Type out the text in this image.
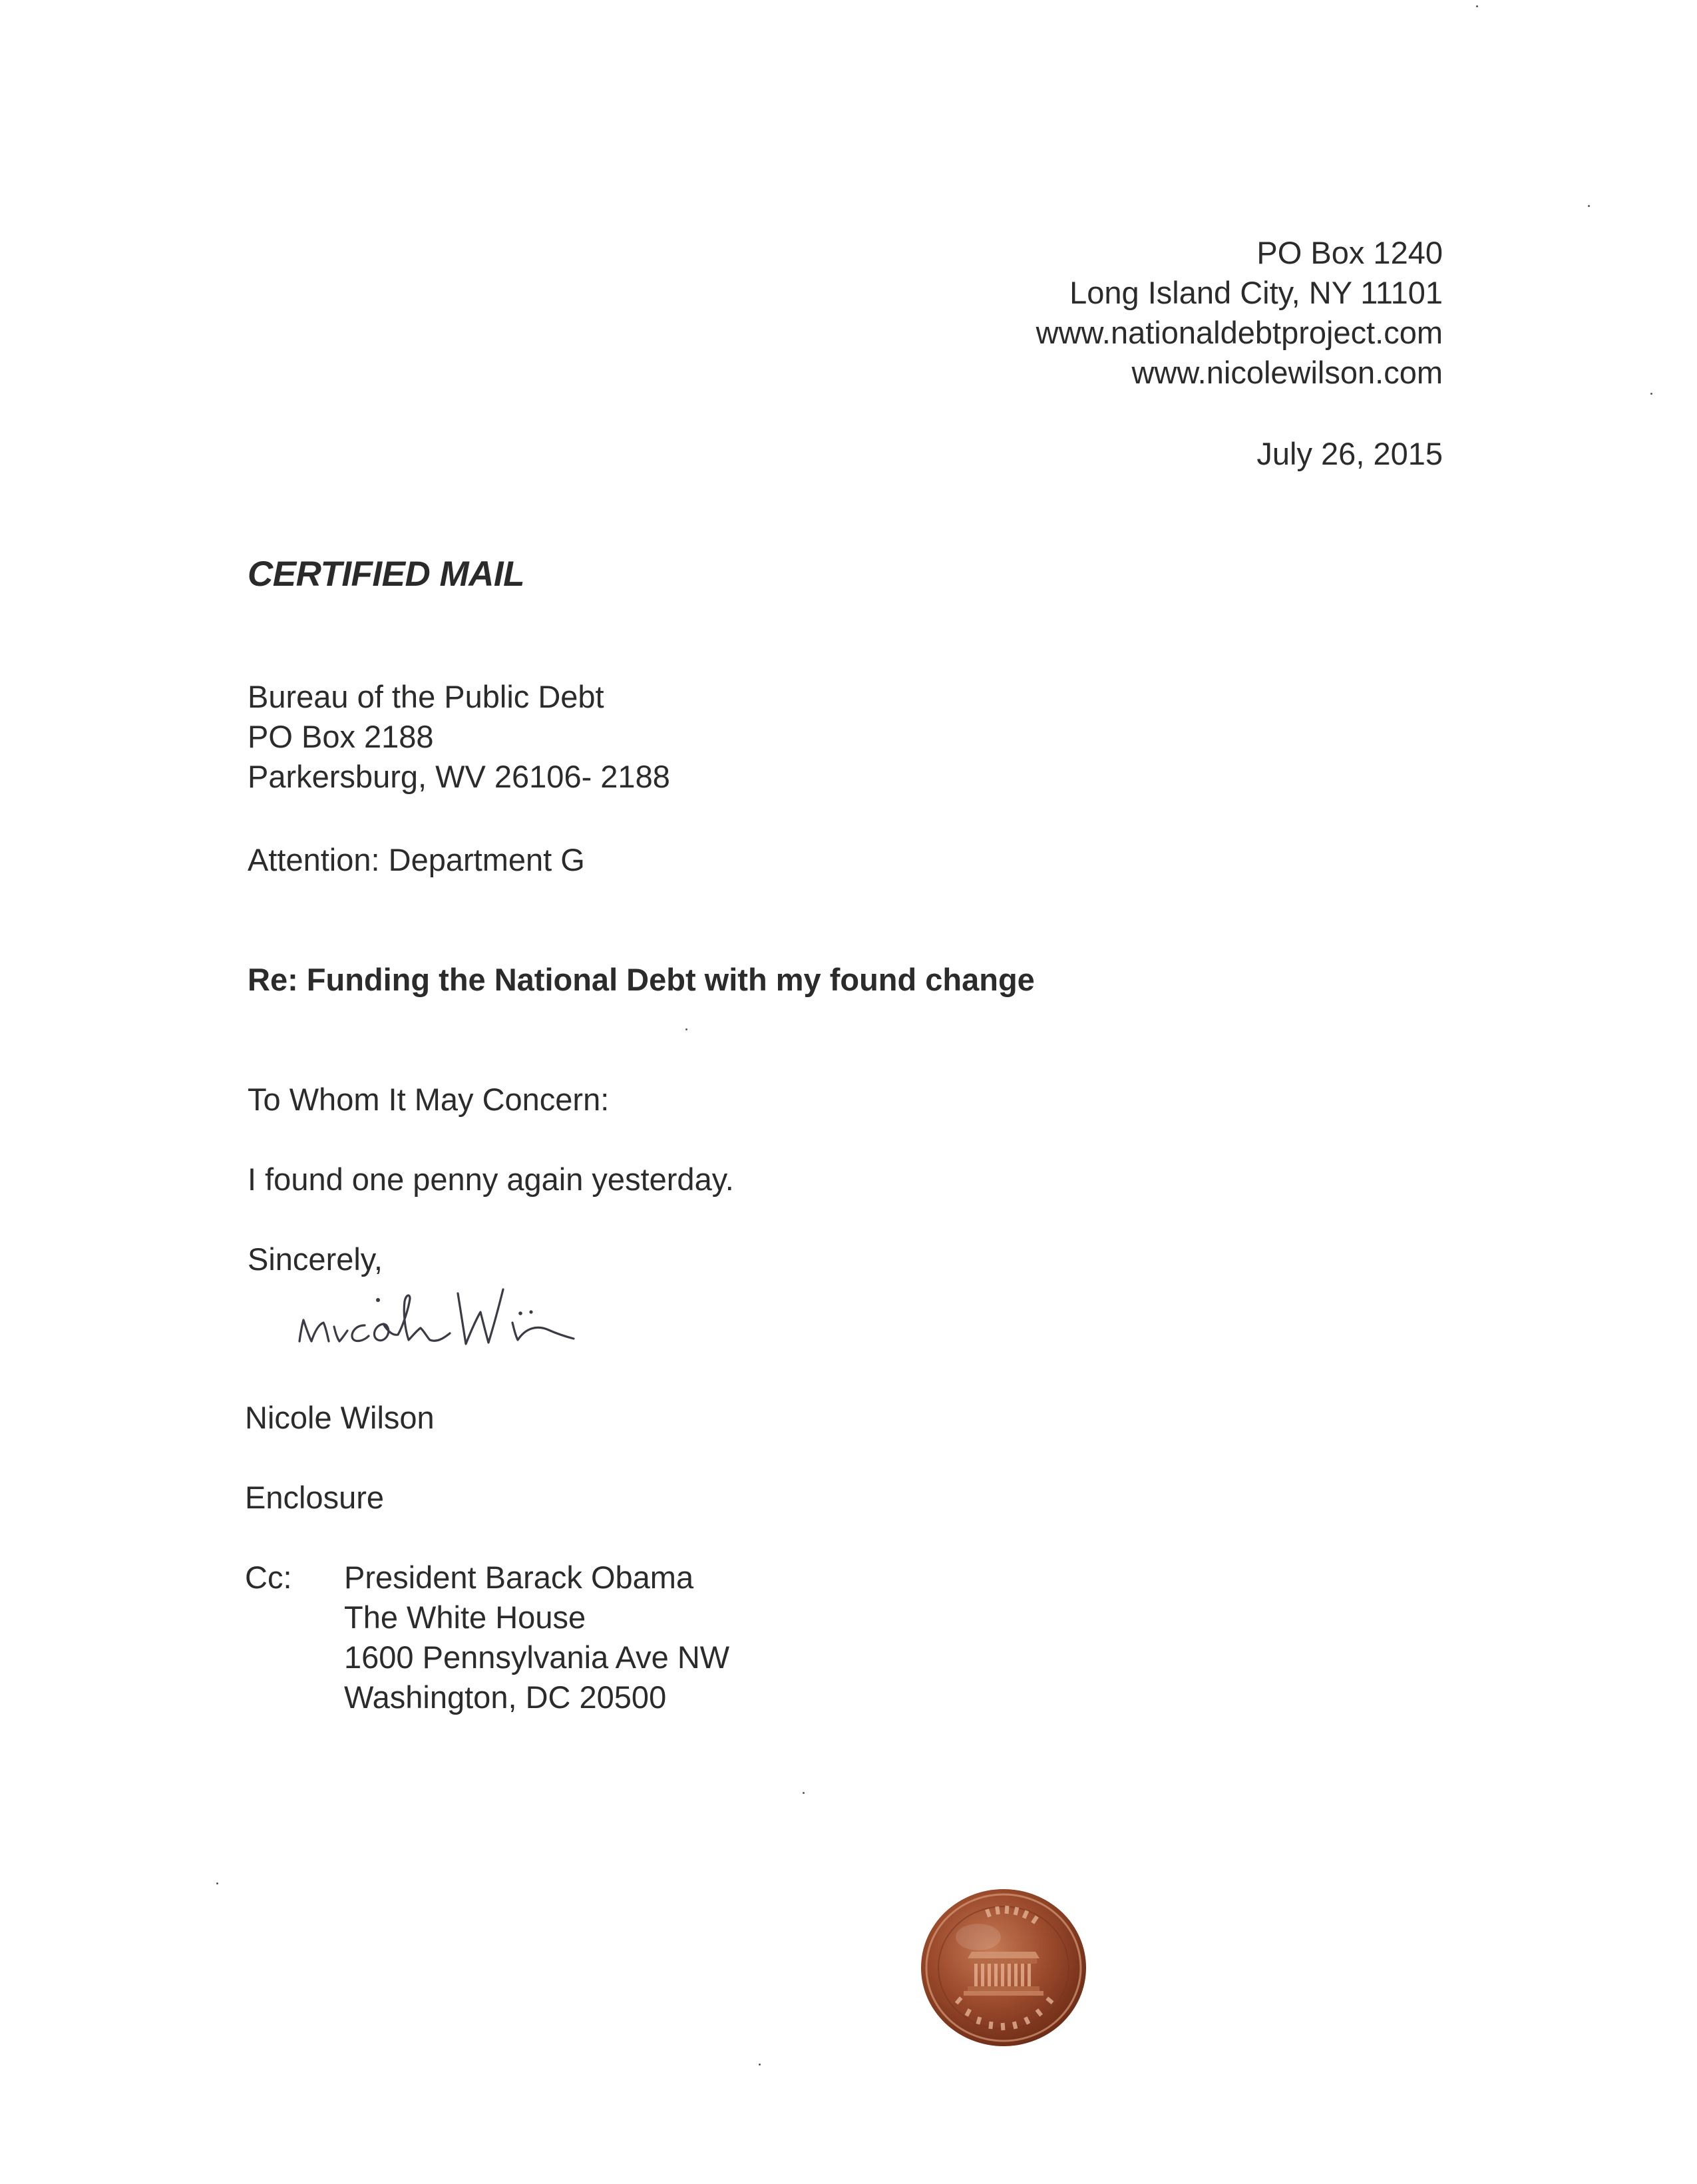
PO Box 1240
Long Island City, NY 11101
www.nationaldebtproject.com
www.nicolewilson.com
July 26, 2015
CERTIFIED MAIL
Bureau of the Public Debt
PO Box 2188
Parkersburg, WV 26106- 2188
Attention: Department G
Re: Funding the National Debt with my found change
To Whom It May Concern:
I found one penny again yesterday.
Sincerely,
Nicole Wilson
Enclosure
Cc: President Barack Obama
The White House
1600 Pennsylvania Ave NW
Washington, DC 20500
